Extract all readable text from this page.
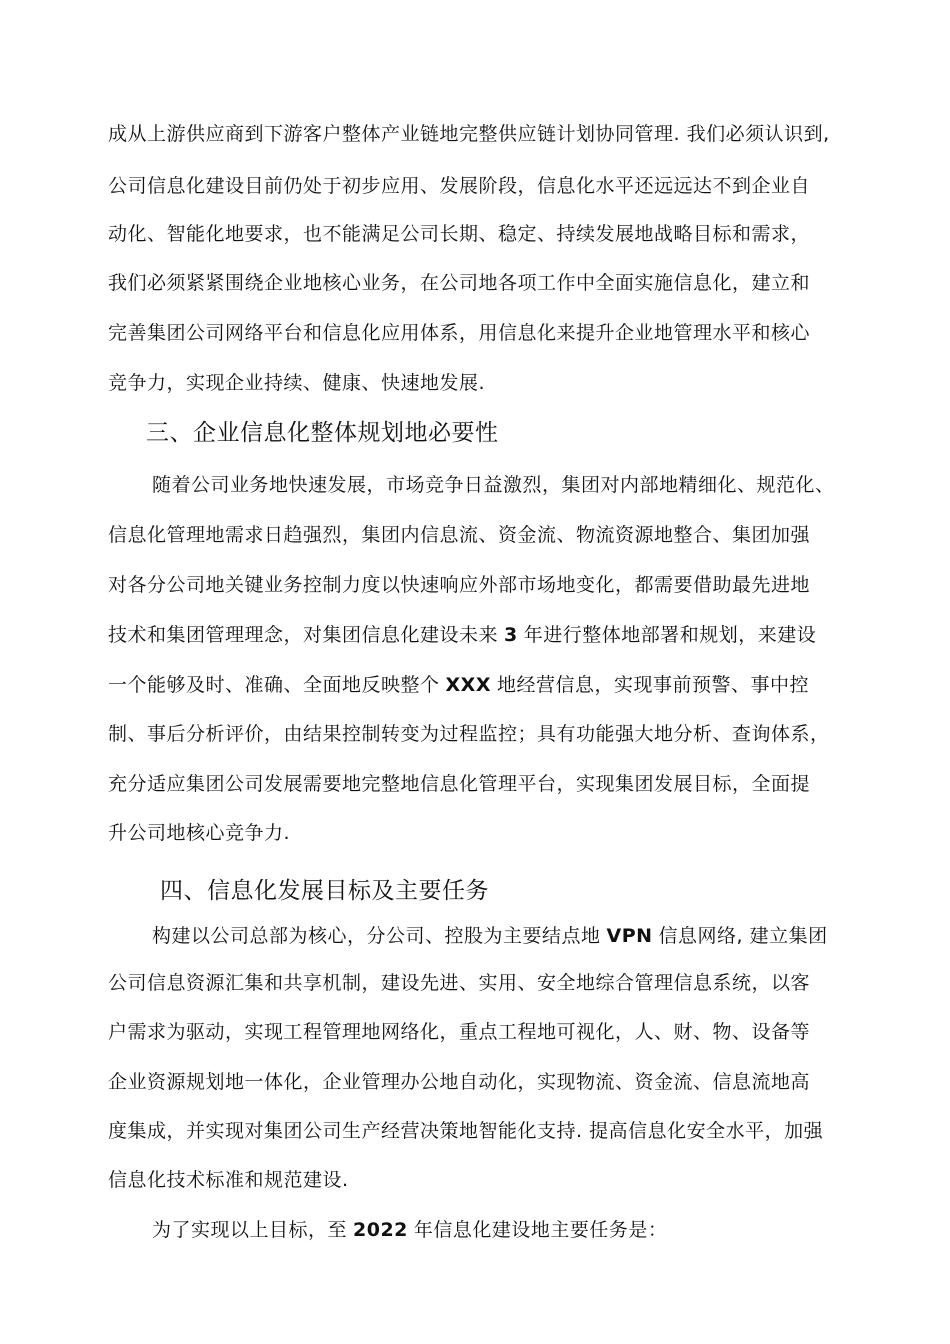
成从上游供应商到下游客户整体产业链地完整供应链计划协同管理. 我们必须认识到,
公司信息化建设目前仍处于初步应用、发展阶段，信息化水平还远远达不到企业自
动化、智能化地要求，也不能满足公司长期、稳定、持续发展地战略目标和需求，
我们必须紧紧围绕企业地核心业务，在公司地各项工作中全面实施信息化，建立和
完善集团公司网络平台和信息化应用体系，用信息化来提升企业地管理水平和核心
竞争力，实现企业持续、健康、快速地发展.
三、企业信息化整体规划地必要性
随着公司业务地快速发展，市场竞争日益激烈，集团对内部地精细化、规范化、
信息化管理地需求日趋强烈，集团内信息流、资金流、物流资源地整合、集团加强
对各分公司地关键业务控制力度以快速响应外部市场地变化，都需要借助最先进地
技术和集团管理理念，对集团信息化建设未来 3 年进行整体地部署和规划，来建设
一个能够及时、准确、全面地反映整个 XXX 地经营信息，实现事前预警、事中控
制、事后分析评价，由结果控制转变为过程监控；具有功能强大地分析、查询体系，
充分适应集团公司发展需要地完整地信息化管理平台，实现集团发展目标，全面提
升公司地核心竞争力.
四、信息化发展目标及主要任务
构建以公司总部为核心，分公司、控股为主要结点地 VPN 信息网络, 建立集团
公司信息资源汇集和共享机制，建设先进、实用、安全地综合管理信息系统，以客
户需求为驱动，实现工程管理地网络化，重点工程地可视化，人、财、物、设备等
企业资源规划地一体化，企业管理办公地自动化，实现物流、资金流、信息流地高
度集成，并实现对集团公司生产经营决策地智能化支持. 提高信息化安全水平，加强
信息化技术标准和规范建设.
为了实现以上目标，至 2022 年信息化建设地主要任务是：
